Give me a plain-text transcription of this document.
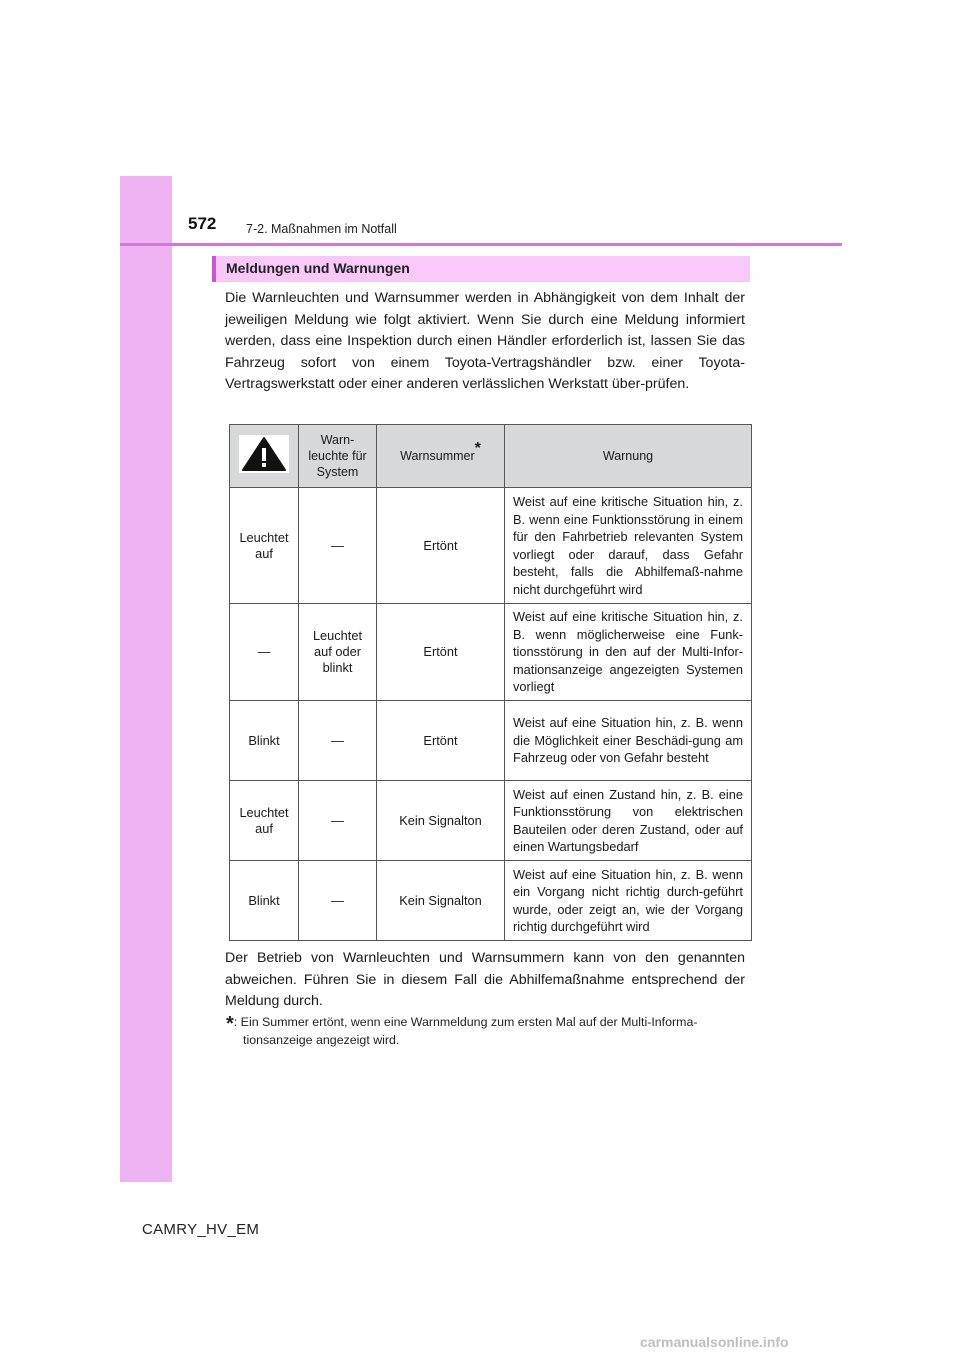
572 7-2. Maßnahmen im Notfall
Meldungen und Warnungen
Die Warnleuchten und Warnsummer werden in Abhängigkeit von dem Inhalt der jeweiligen Meldung wie folgt aktiviert. Wenn Sie durch eine Meldung informiert werden, dass eine Inspektion durch einen Händler erforderlich ist, lassen Sie das Fahrzeug sofort von einem Toyota-Vertragshändler bzw. einer Toyota-Vertragswerkstatt oder einer anderen verlässlichen Werkstatt über-prüfen.
	Warn-
leuchte für
System	Warnsummer*	Warnung
Leuchtet auf	—	Ertönt	Weist auf eine kritische Situation hin, z. B. wenn eine Funktionsstörung in einem für den Fahrbetrieb relevanten System vorliegt oder darauf, dass Gefahr besteht, falls die Abhilfemaß-nahme nicht durchgeführt wird
—	Leuchtet auf oder blinkt	Ertönt	Weist auf eine kritische Situation hin, z. B. wenn möglicherweise eine Funk-tionsstörung in den auf der Multi-Infor-mationsanzeige angezeigten Systemen vorliegt
Blinkt	—	Ertönt	Weist auf eine Situation hin, z. B. wenn die Möglichkeit einer Beschädi-gung am Fahrzeug oder von Gefahr besteht
Leuchtet auf	—	Kein Signalton	Weist auf einen Zustand hin, z. B. eine Funktionsstörung von elektrischen Bauteilen oder deren Zustand, oder auf einen Wartungsbedarf
Blinkt	—	Kein Signalton	Weist auf eine Situation hin, z. B. wenn ein Vorgang nicht richtig durch-geführt wurde, oder zeigt an, wie der Vorgang richtig durchgeführt wird
Der Betrieb von Warnleuchten und Warnsummern kann von den genannten abweichen. Führen Sie in diesem Fall die Abhilfemaßnahme entsprechend der Meldung durch.
*: Ein Summer ertönt, wenn eine Warnmeldung zum ersten Mal auf der Multi-Informa-
tionsanzeige angezeigt wird.
CAMRY_HV_EM
carmanualsonline.info
